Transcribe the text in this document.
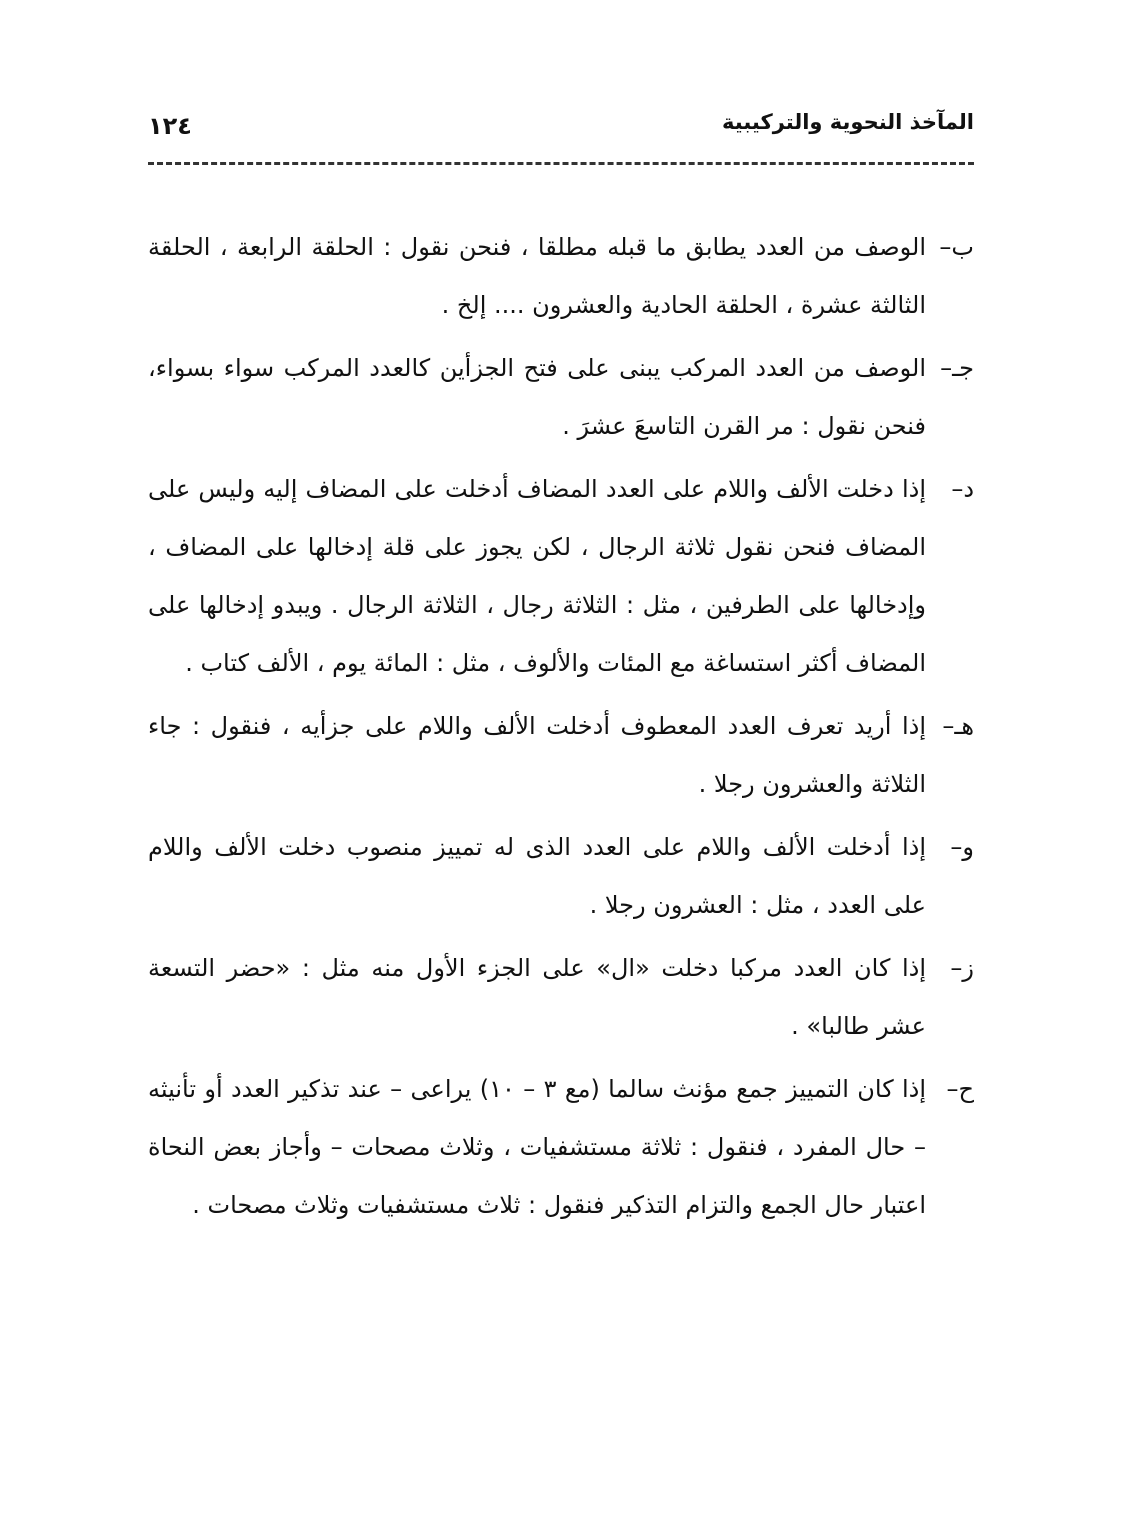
المآخذ النحوية والتركيبية
١٢٤

ب–الوصف من العدد يطابق ما قبله مطلقا ، فنحن نقول : الحلقة الرابعة ، الحلقة الثالثة عشرة ، الحلقة الحادية والعشرون .... إلخ .

جـ–الوصف من العدد المركب يبنى على فتح الجزأين كالعدد المركب سواء بسواء، فنحن نقول : مر القرن التاسعَ عشرَ .

د–إذا دخلت الألف واللام على العدد المضاف أدخلت على المضاف إليه وليس على المضاف فنحن نقول ثلاثة الرجال ، لكن يجوز على قلة إدخالها على المضاف ، وإدخالها على الطرفين ، مثل : الثلاثة رجال ، الثلاثة الرجال . ويبدو إدخالها على المضاف أكثر استساغة مع المئات والألوف ، مثل : المائة يوم ، الألف كتاب .

هـ–إذا أريد تعرف العدد المعطوف أدخلت الألف واللام على جزأيه ، فنقول : جاء الثلاثة والعشرون رجلا .

و–إذا أدخلت الألف واللام على العدد الذى له تمييز منصوب دخلت الألف واللام على العدد ، مثل : العشرون رجلا .

ز–إذا كان العدد مركبا دخلت «ال» على الجزء الأول منه مثل : «حضر التسعة عشر طالبا» .

ح–إذا كان التمييز جمع مؤنث سالما (مع ٣ – ١٠) يراعى – عند تذكير العدد أو تأنيثه – حال المفرد ، فنقول : ثلاثة مستشفيات ، وثلاث مصحات – وأجاز بعض النحاة اعتبار حال الجمع والتزام التذكير فنقول : ثلاث مستشفيات وثلاث مصحات .
